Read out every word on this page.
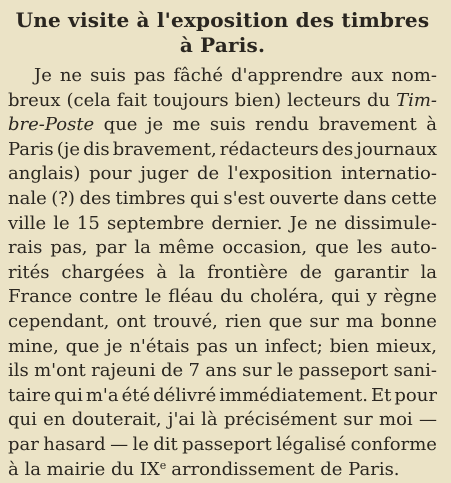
Une visite à l'exposition des timbres
à Paris.
Je ne suis pas fâché d'apprendre aux nom-
breux (cela fait toujours bien) lecteurs du Tim-
bre-Poste que je me suis rendu bravement à
Paris (je dis bravement, rédacteurs des journaux
anglais) pour juger de l'exposition internatio-
nale (?) des timbres qui s'est ouverte dans cette
ville le 15 septembre dernier. Je ne dissimule-
rais pas, par la même occasion, que les auto-
rités chargées à la frontière de garantir la
France contre le fléau du choléra, qui y règne
cependant, ont trouvé, rien que sur ma bonne
mine, que je n'étais pas un infect; bien mieux,
ils m'ont rajeuni de 7 ans sur le passeport sani-
taire qui m'a été délivré immédiatement. Et pour
qui en douterait, j'ai là précisément sur moi —
par hasard — le dit passeport légalisé conforme
à la mairie du IXe arrondissement de Paris.
